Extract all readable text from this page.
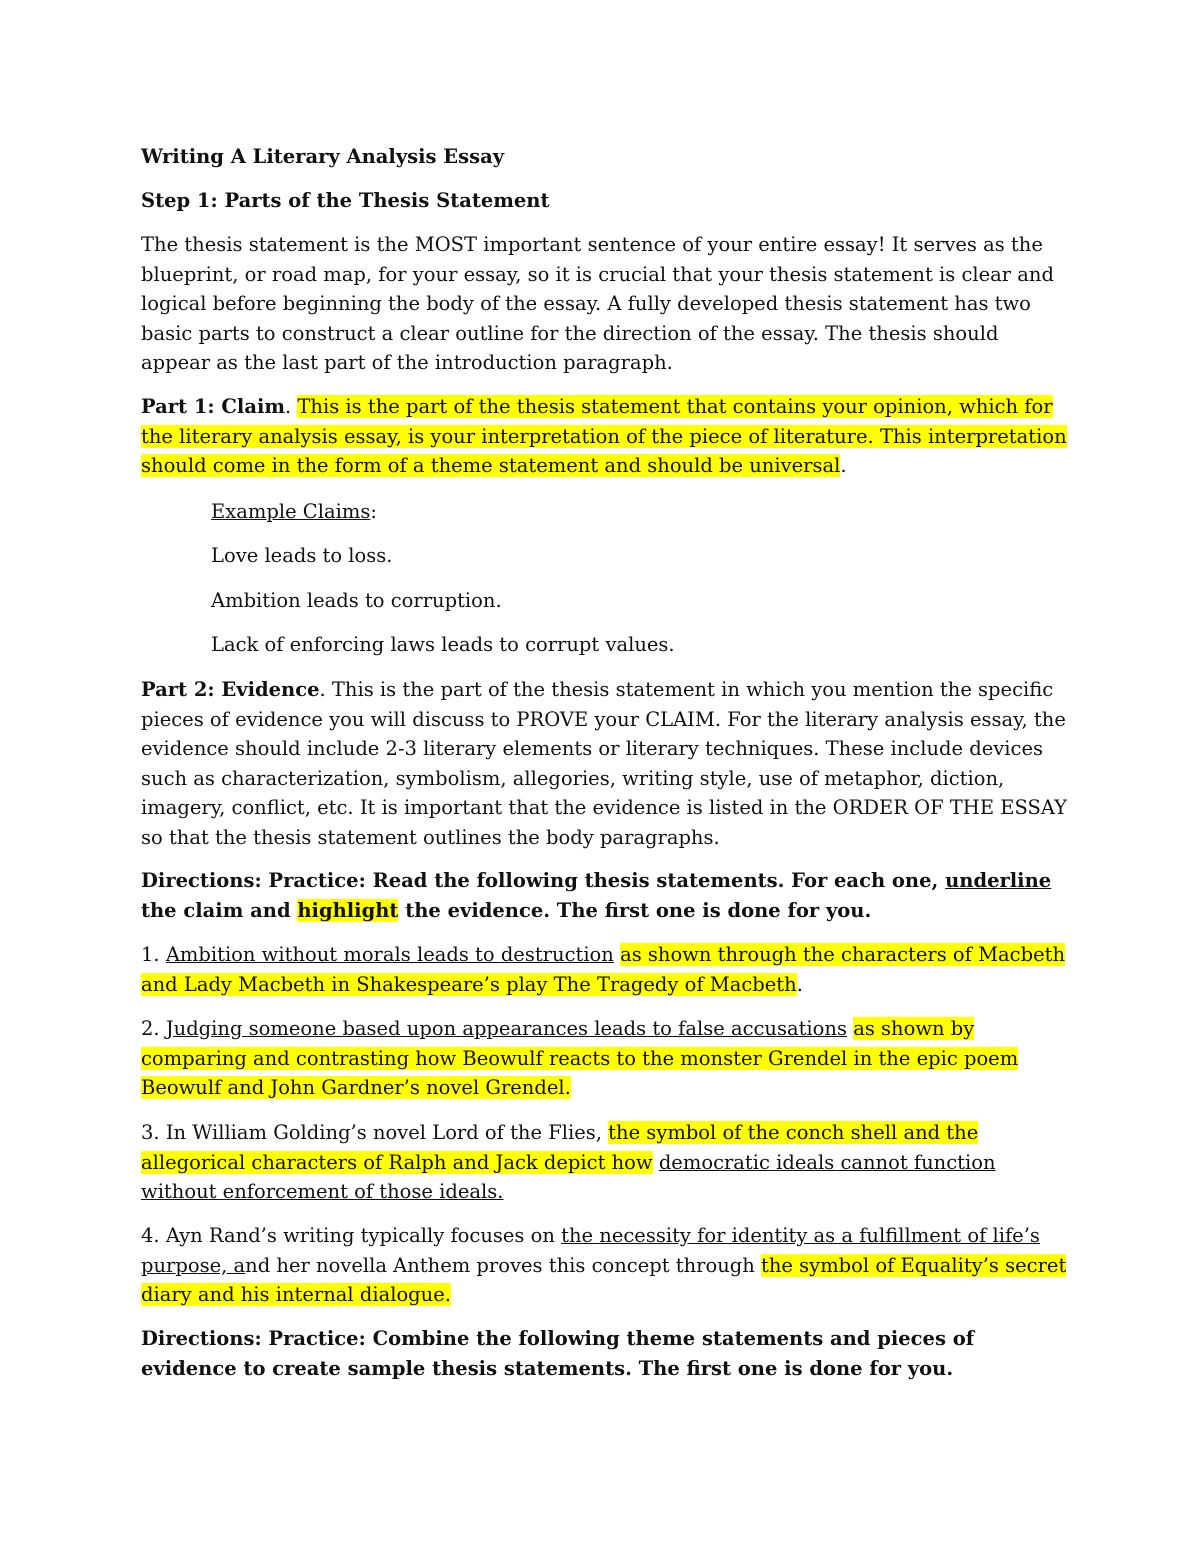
Writing A Literary Analysis Essay

Step 1: Parts of the Thesis Statement

The thesis statement is the MOST important sentence of your entire essay! It serves as the blueprint, or road map, for your essay, so it is crucial that your thesis statement is clear and logical before beginning the body of the essay. A fully developed thesis statement has two basic parts to construct a clear outline for the direction of the essay. The thesis should appear as the last part of the introduction paragraph.

Part 1: Claim. This is the part of the thesis statement that contains your opinion, which for the literary analysis essay, is your interpretation of the piece of literature. This interpretation should come in the form of a theme statement and should be universal.

Example Claims:

Love leads to loss.

Ambition leads to corruption.

Lack of enforcing laws leads to corrupt values.

Part 2: Evidence. This is the part of the thesis statement in which you mention the specific pieces of evidence you will discuss to PROVE your CLAIM. For the literary analysis essay, the evidence should include 2-3 literary elements or literary techniques. These include devices such as characterization, symbolism, allegories, writing style, use of metaphor, diction, imagery, conflict, etc. It is important that the evidence is listed in the ORDER OF THE ESSAY so that the thesis statement outlines the body paragraphs.

Directions: Practice: Read the following thesis statements. For each one, underline the claim and highlight the evidence. The first one is done for you.

1. Ambition without morals leads to destruction as shown through the characters of Macbeth and Lady Macbeth in Shakespeare’s play The Tragedy of Macbeth.

2. Judging someone based upon appearances leads to false accusations as shown by comparing and contrasting how Beowulf reacts to the monster Grendel in the epic poem Beowulf and John Gardner’s novel Grendel.

3. In William Golding’s novel Lord of the Flies, the symbol of the conch shell and the allegorical characters of Ralph and Jack depict how democratic ideals cannot function without enforcement of those ideals.

4. Ayn Rand’s writing typically focuses on the necessity for identity as a fulfillment of life’s purpose, and her novella Anthem proves this concept through the symbol of Equality’s secret diary and his internal dialogue.

Directions: Practice: Combine the following theme statements and pieces of evidence to create sample thesis statements. The first one is done for you.
